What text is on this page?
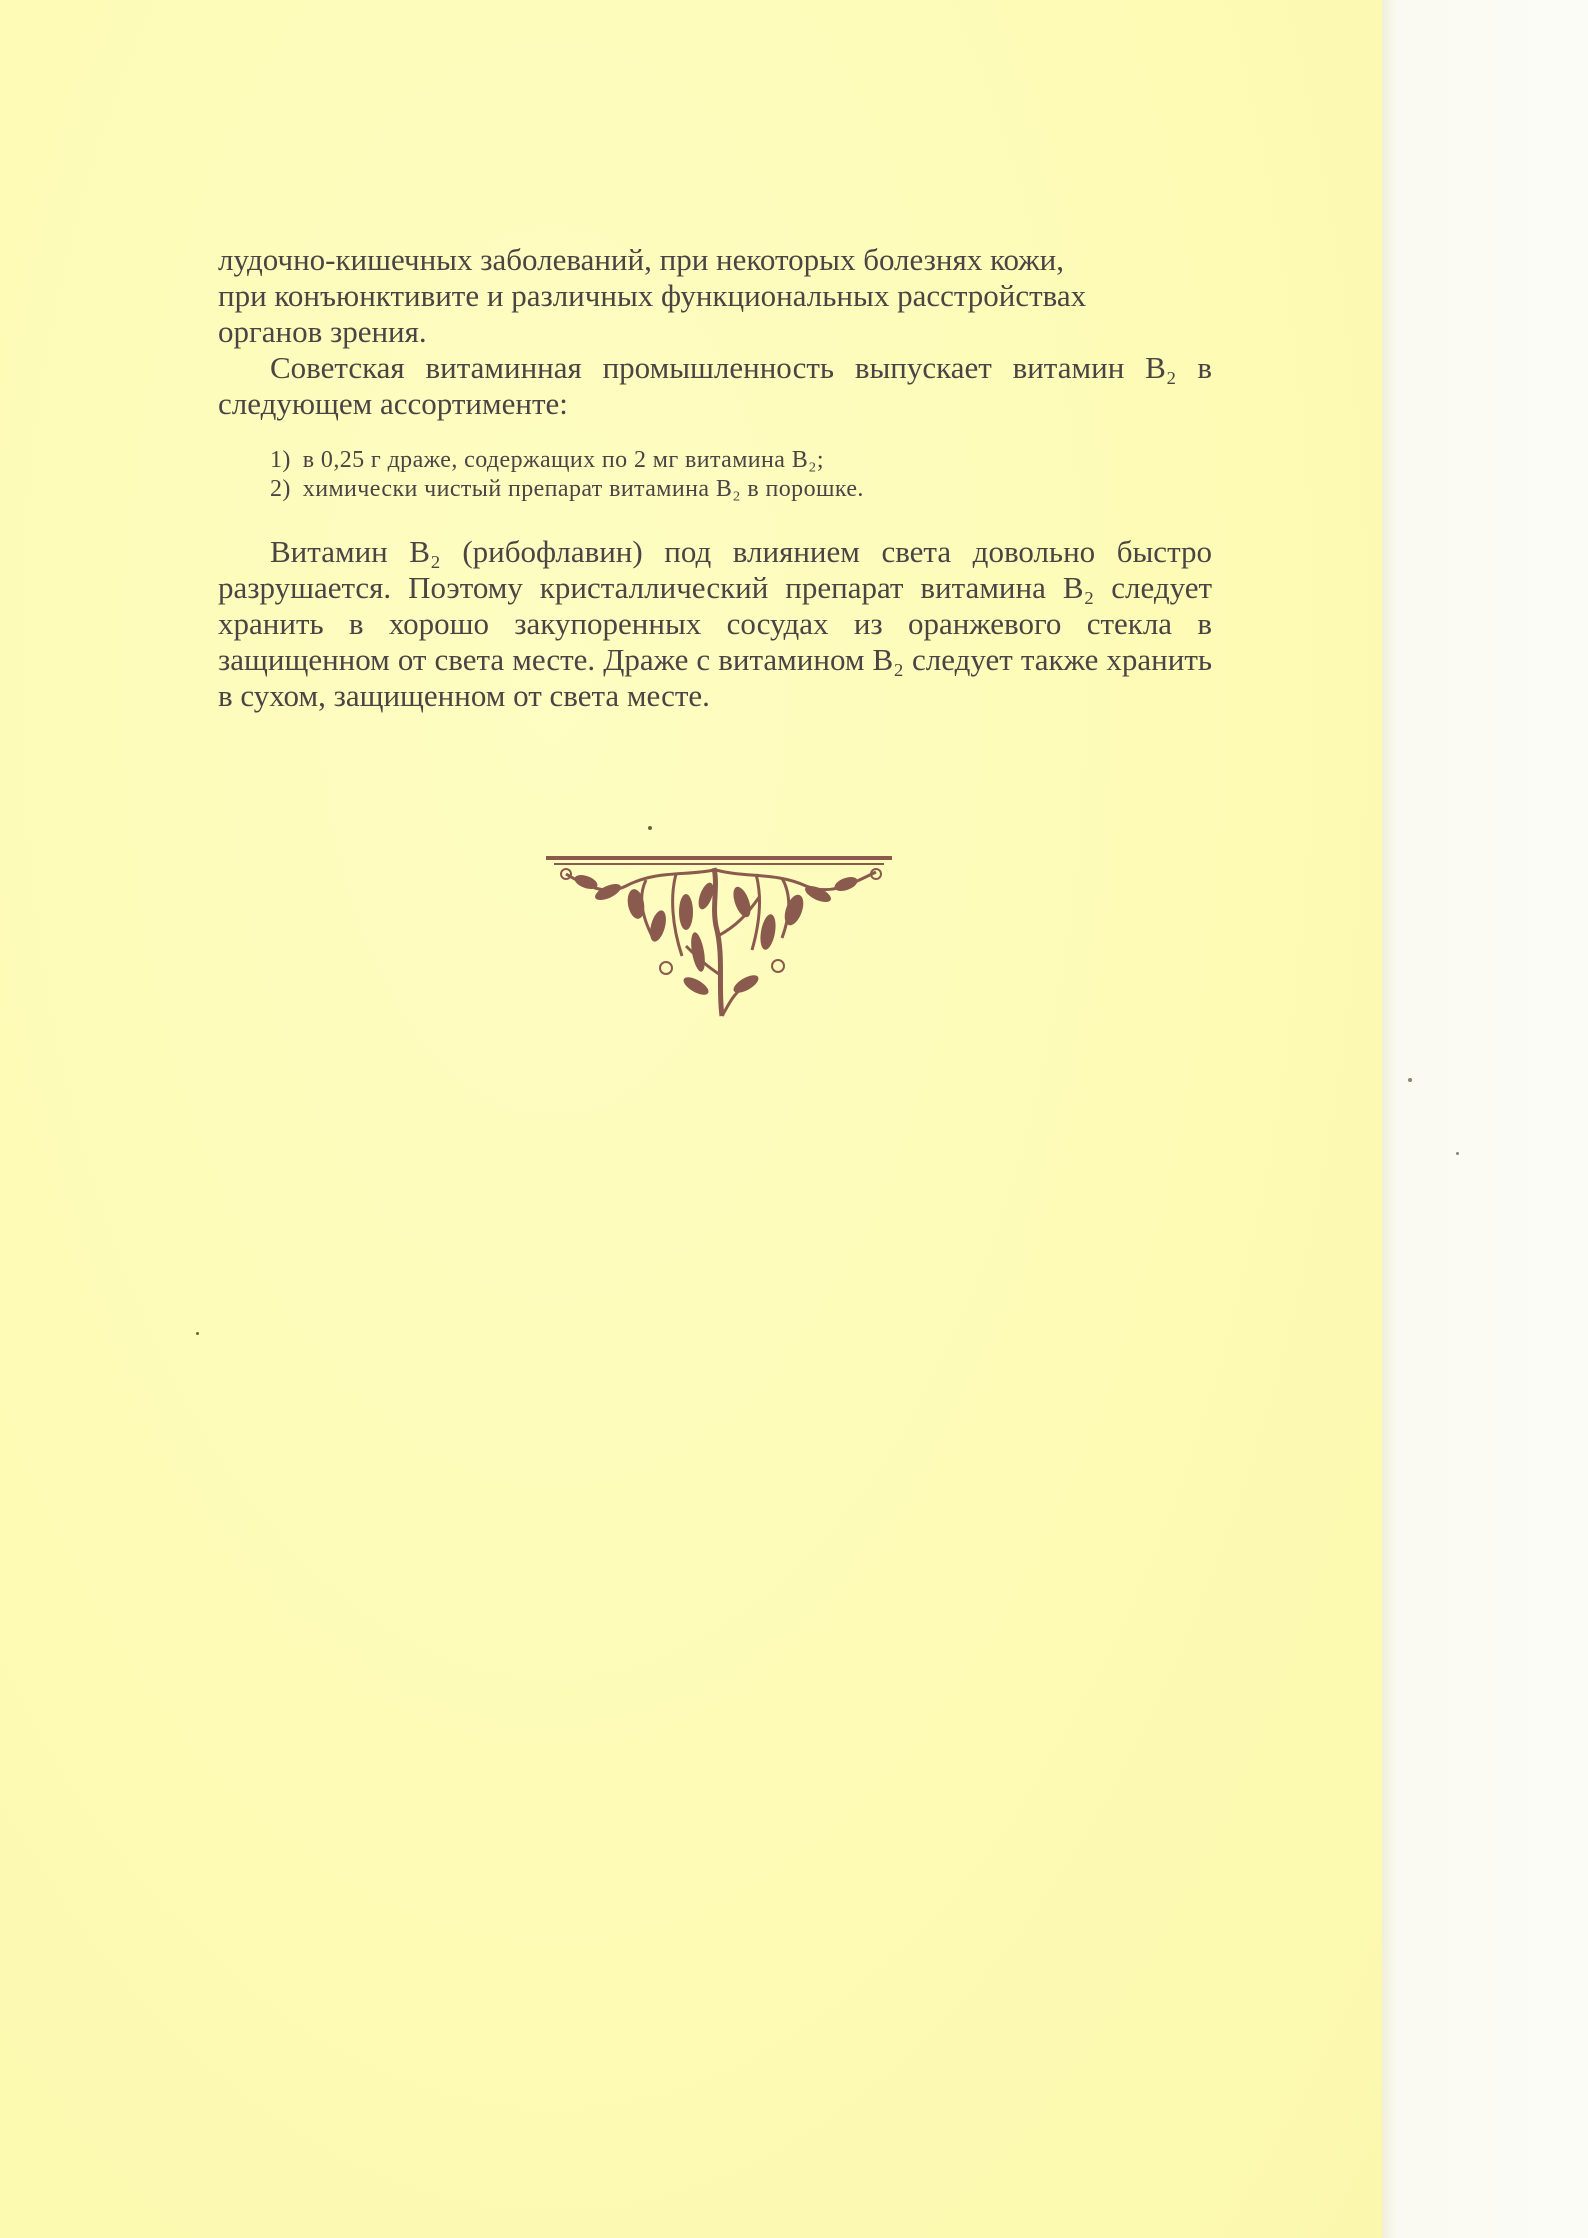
лудочно-кишечных заболеваний, при некоторых болезнях кожи,
при конъюнктивите и различных функциональных расстройствах
органов зрения.

Советская витаминная промышленность выпускает витамин B₂ в следующем ассортименте:

1) в 0,25 г драже, содержащих по 2 мг витамина B₂;
2) химически чистый препарат витамина B₂ в порошке.

Витамин B₂ (рибофлавин) под влиянием света довольно быстро разрушается. Поэтому кристаллический препарат витамина B₂ следует хранить в хорошо закупоренных сосудах из оранжевого стекла в защищенном от света месте. Драже с витамином B₂ следует также хранить в сухом, защищенном от света месте.
